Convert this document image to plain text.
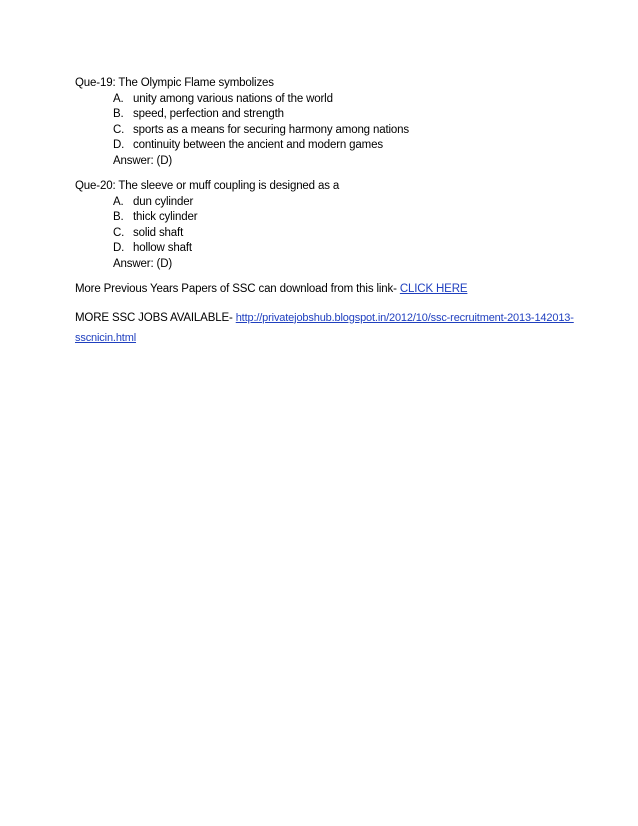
Que-19: The Olympic Flame symbolizes
A. unity among various nations of the world
B. speed, perfection and strength
C. sports as a means for securing harmony among nations
D. continuity between the ancient and modern games
Answer: (D)
Que-20: The sleeve or muff coupling is designed as a
A. dun cylinder
B. thick cylinder
C. solid shaft
D. hollow shaft
Answer: (D)
More Previous Years Papers of SSC can download from this link- CLICK HERE
MORE SSC JOBS AVAILABLE- http://privatejobshub.blogspot.in/2012/10/ssc-recruitment-2013-142013-sscnicin.html
